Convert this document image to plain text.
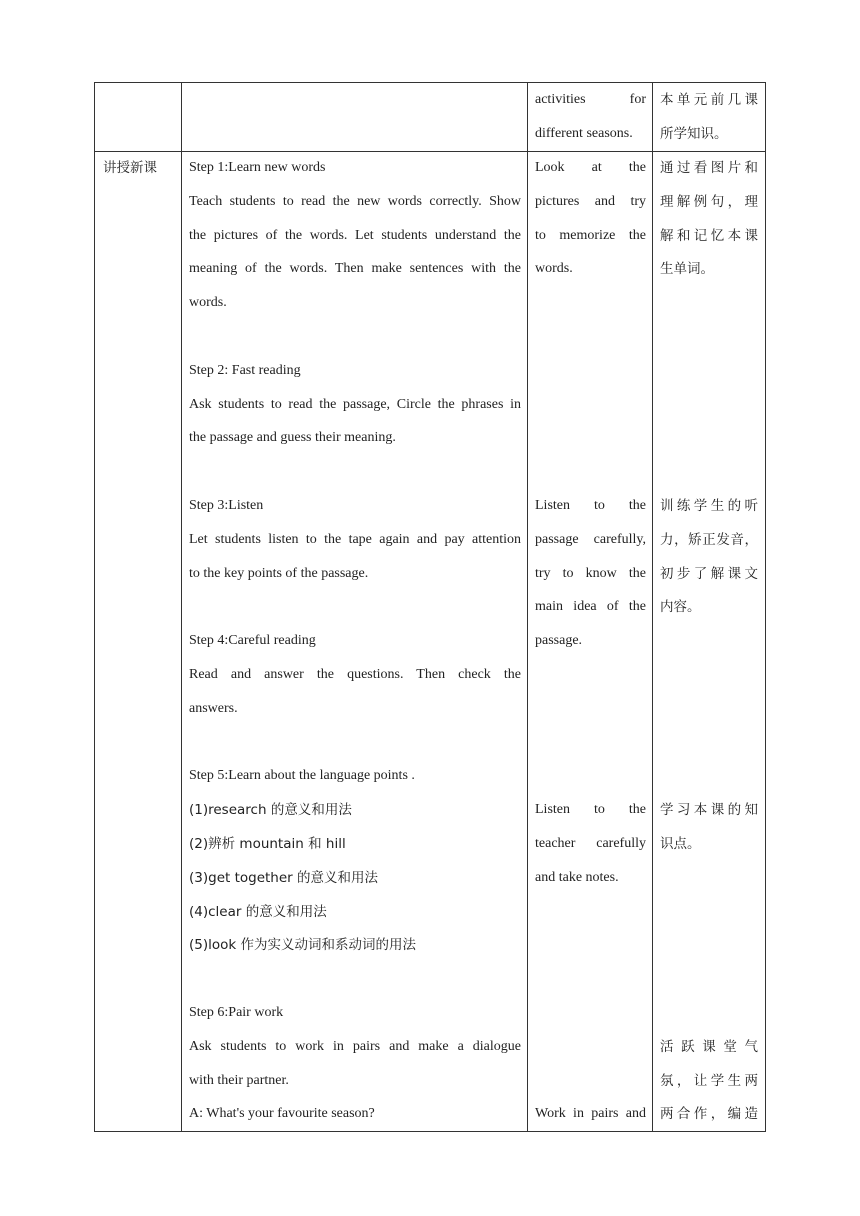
activities for
different seasons.
本单元前几课
所学知识。
讲授新课	Step 1:Learn new words
Teach students to read the new words correctly. Show
the pictures of the words. Let students understand the
meaning of the words. Then make sentences with the
words.
Step 2: Fast reading
Ask students to read the passage, Circle the phrases in
the passage and guess their meaning.
Step 3:Listen
Let students listen to the tape again and pay attention
to the key points of the passage.
Step 4:Careful reading
Read and answer the questions. Then check the
answers.
Step 5:Learn about the language points .
(1)research 的意义和用法
(2)辨析 mountain 和 hill
(3)get together 的意义和用法
(4)clear 的意义和用法
(5)look 作为实义动词和系动词的用法
Step 6:Pair work
Ask students to work in pairs and make a dialogue
with their partner.
A: What's your favourite season?
Look at the
pictures and try
to memorize the
words.
Listen to the
passage carefully,
try to know the
main idea of the
passage.
Listen to the
teacher carefully
and take notes.
Work in pairs and
通过看图片和
理解例句，理
解和记忆本课
生单词。
训练学生的听
力，矫正发音，
初步了解课文
内容。
学习本课的知
识点。
活跃课堂气
氛，让学生两
两合作，编造
